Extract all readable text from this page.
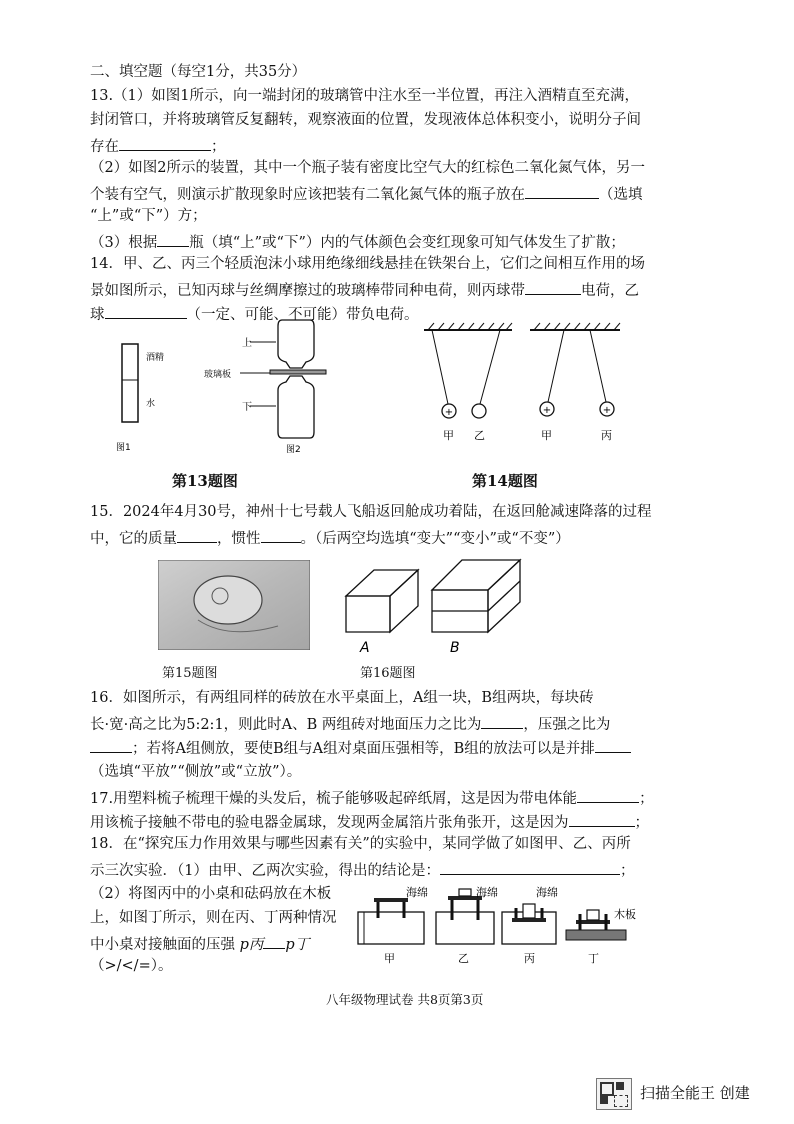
二、填空题（每空1分，共35分）
13.（1）如图1所示，向一端封闭的玻璃管中注水至一半位置，再注入酒精直至充满，
封闭管口，并将玻璃管反复翻转，观察液面的位置，发现液体总体积变小，说明分子间
存在	；
（2）如图2所示的装置，其中一个瓶子装有密度比空气大的红棕色二氧化氮气体，另一
个装有空气，则演示扩散现象时应该把装有二氧化氮气体的瓶子放在	（选填
“上”或“下”）方；
（3）根据 瓶（填“上”或“下”）内的气体颜色会变红现象可知气体发生了扩散；
14．甲、乙、丙三个轻质泡沫小球用绝缘细线悬挂在铁架台上，它们之间相互作用的场
景如图所示，已知丙球与丝绸摩擦过的玻璃棒带同种电荷，则丙球带	电荷，乙
球	（一定、可能、不可能）带负电荷。
酒精
水
图1
上
玻璃板
下
图2
第13题图
+
甲 乙
+	+
甲	丙
第14题图
15．2024年4月30号，神州十七号载人飞船返回舱成功着陆，在返回舱减速降落的过程
中，它的质量	，惯性	。（后两空均选填“变大”“变小”或“不变”）
第15题图
A	B
第16题图
16．如图所示，有两组同样的砖放在水平桌面上，A组一块，B组两块，每块砖
长·宽·高之比为5:2:1，则此时A、B 两组砖对地面压力之比为	，压强之比为
；若将A组侧放，要使B组与A组对桌面压强相等，B组的放法可以是并排
（选填“平放”“侧放”或“立放”）。
17.用塑料梳子梳理干燥的头发后，梳子能够吸起碎纸屑，这是因为带电体能	；
用该梳子接触不带电的验电器金属球，发现两金属箔片张角张开，这是因为	；
18．在“探究压力作用效果与哪些因素有关”的实验中，某同学做了如图甲、乙、丙所
示三次实验．（1）由甲、乙两次实验，得出的结论是：	；
（2）将图丙中的小桌和砝码放在木板
上，如图丁所示，则在丙、丁两种情况
中小桌对接触面的压强 p丙 p丁
（>/</=）。
海绵	海绵	海绵
木板
甲	乙	丙	丁
八年级物理试卷 共8页第3页
扫描全能王 创建
